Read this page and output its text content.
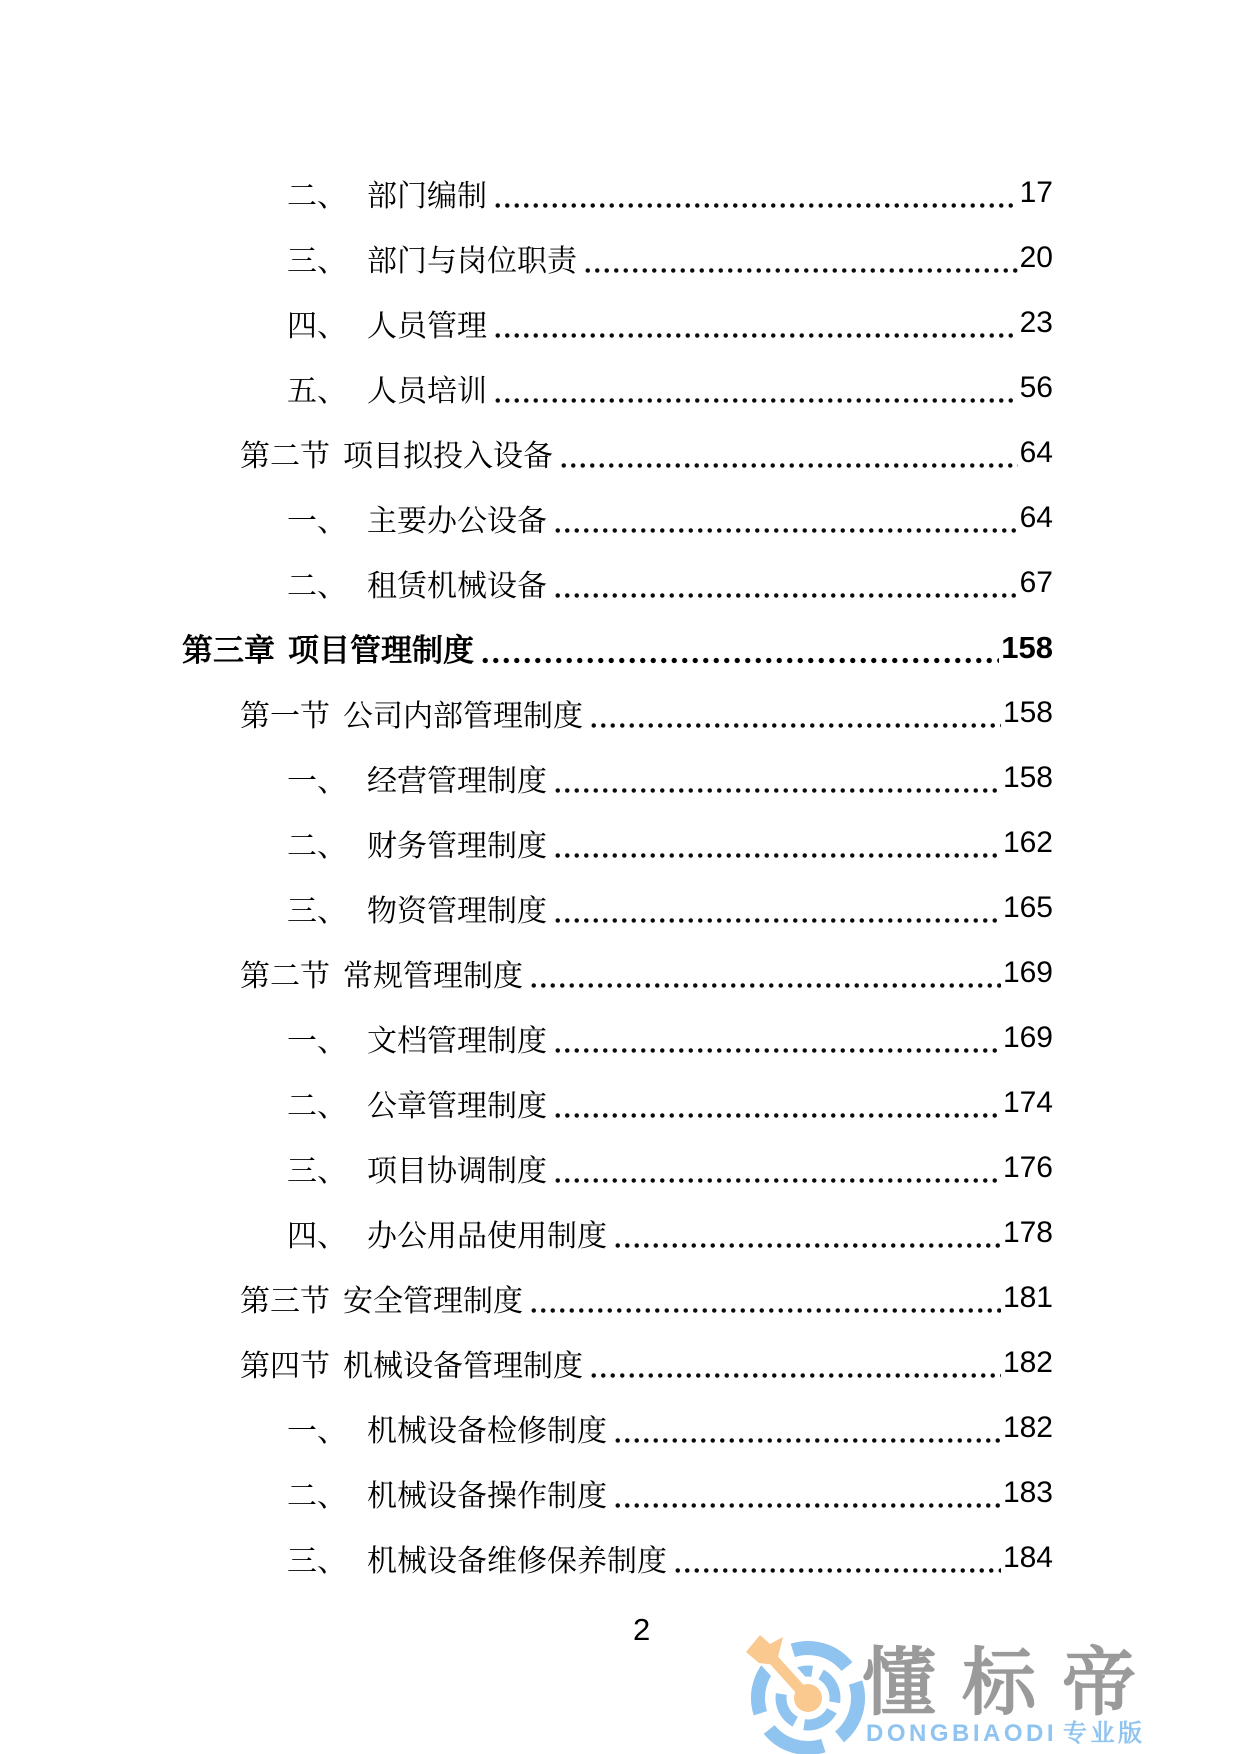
二、 部门编制	17
三、 部门与岗位职责	20
四、 人员管理	23
五、 人员培训	56
第二节 项目拟投入设备	64
一、 主要办公设备	64
二、 租赁机械设备	67
第三章 项目管理制度	158
第一节 公司内部管理制度	158
一、 经营管理制度	158
二、 财务管理制度	162
三、 物资管理制度	165
第二节 常规管理制度	169
一、 文档管理制度	169
二、 公章管理制度	174
三、 项目协调制度	176
四、 办公用品使用制度	178
第三节 安全管理制度	181
第四节 机械设备管理制度	182
一、 机械设备检修制度	182
二、 机械设备操作制度	183
三、 机械设备维修保养制度	184
2
懂标帝
DONGBIAODI 专业版
